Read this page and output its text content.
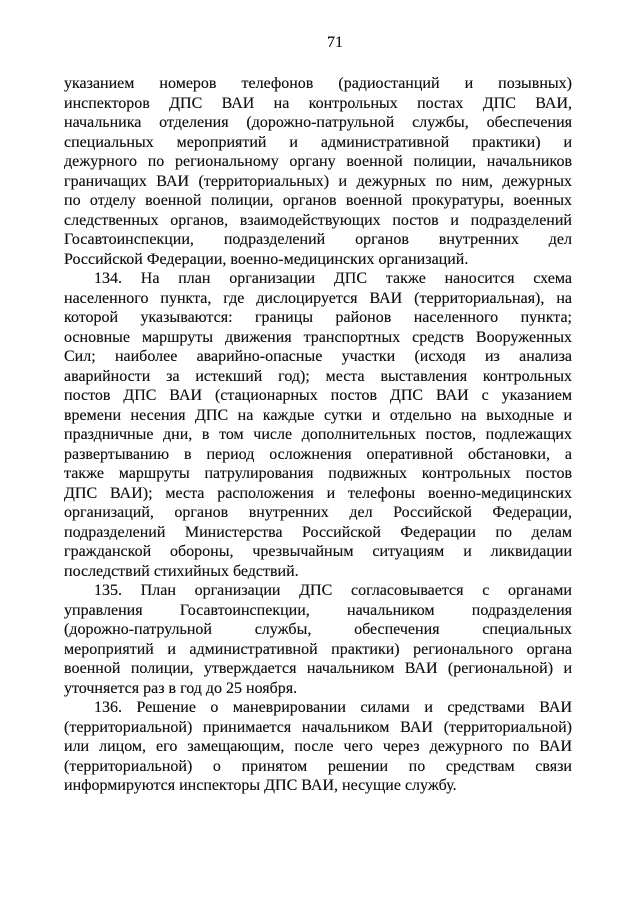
71
указанием номеров телефонов (радиостанций и позывных)
инспекторов ДПС ВАИ на контрольных постах ДПС ВАИ,
начальника отделения (дорожно-патрульной службы, обеспечения
специальных мероприятий и административной практики) и
дежурного по региональному органу военной полиции, начальников
граничащих ВАИ (территориальных) и дежурных по ним, дежурных
по отделу военной полиции, органов военной прокуратуры, военных
следственных органов, взаимодействующих постов и подразделений
Госавтоинспекции, подразделений органов внутренних дел
Российской Федерации, военно-медицинских организаций.
134. На план организации ДПС также наносится схема
населенного пункта, где дислоцируется ВАИ (территориальная), на
которой указываются: границы районов населенного пункта;
основные маршруты движения транспортных средств Вооруженных
Сил; наиболее аварийно-опасные участки (исходя из анализа
аварийности за истекший год); места выставления контрольных
постов ДПС ВАИ (стационарных постов ДПС ВАИ с указанием
времени несения ДПС на каждые сутки и отдельно на выходные и
праздничные дни, в том числе дополнительных постов, подлежащих
развертыванию в период осложнения оперативной обстановки, а
также маршруты патрулирования подвижных контрольных постов
ДПС ВАИ); места расположения и телефоны военно-медицинских
организаций, органов внутренних дел Российской Федерации,
подразделений Министерства Российской Федерации по делам
гражданской обороны, чрезвычайным ситуациям и ликвидации
последствий стихийных бедствий.
135. План организации ДПС согласовывается с органами
управления Госавтоинспекции, начальником подразделения
(дорожно-патрульной службы, обеспечения специальных
мероприятий и административной практики) регионального органа
военной полиции, утверждается начальником ВАИ (региональной) и
уточняется раз в год до 25 ноября.
136. Решение о маневрировании силами и средствами ВАИ
(территориальной) принимается начальником ВАИ (территориальной)
или лицом, его замещающим, после чего через дежурного по ВАИ
(территориальной) о принятом решении по средствам связи
информируются инспекторы ДПС ВАИ, несущие службу.
